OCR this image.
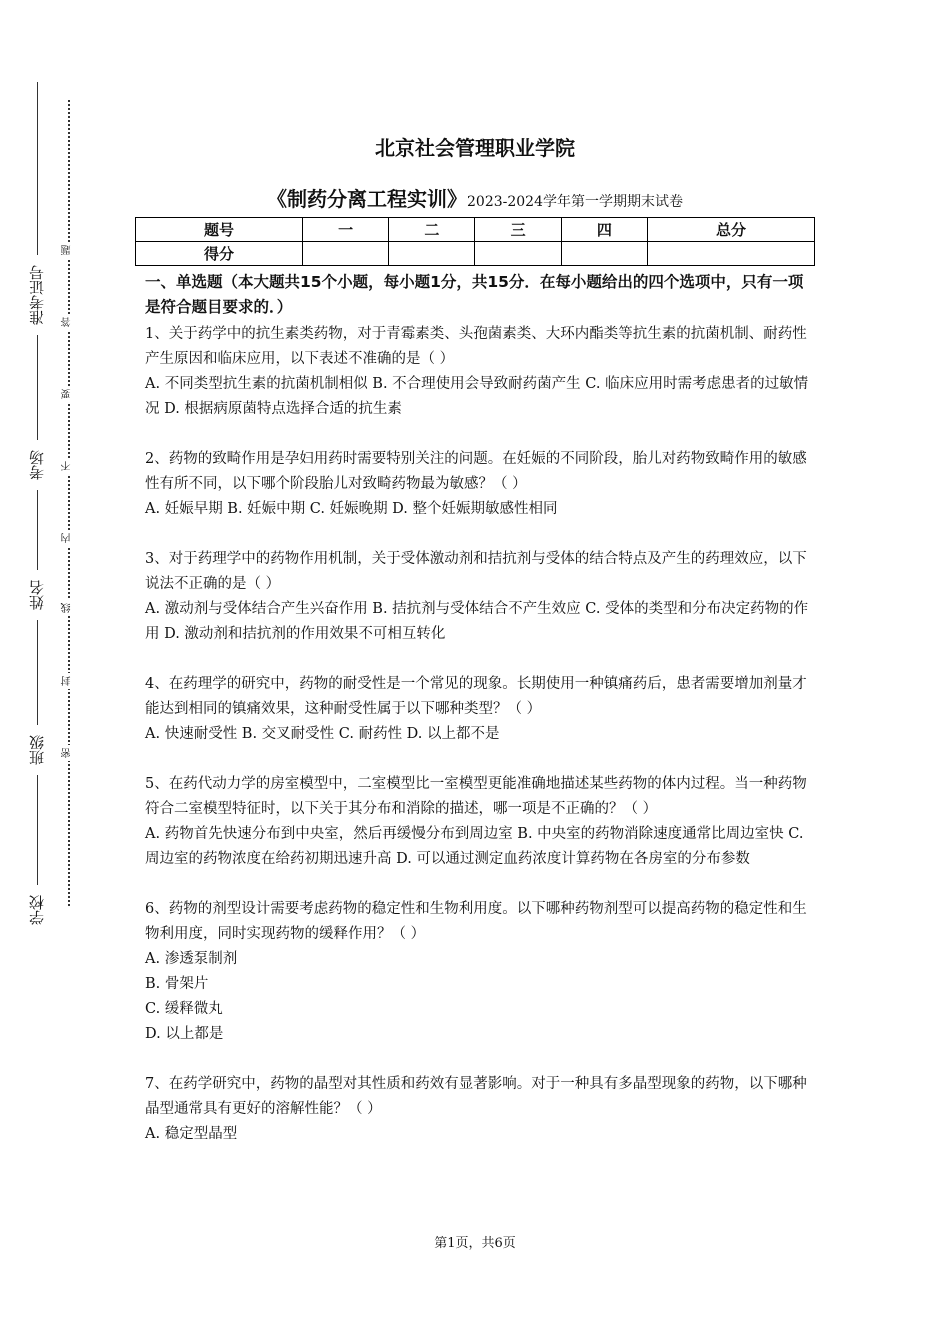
准考证号
考场
姓名
班级
学校
题
答
要
不
内
线
封
密
北京社会管理职业学院
《制药分离工程实训》2023-2024学年第一学期期末试卷
题号	一	二	三	四	总分
得分					
一、单选题（本大题共15个小题，每小题1分，共15分．在每小题给出的四个选项中，只有一项是符合题目要求的．）
1、关于药学中的抗生素类药物，对于青霉素类、头孢菌素类、大环内酯类等抗生素的抗菌机制、耐药性产生原因和临床应用，以下表述不准确的是（ ）
A. 不同类型抗生素的抗菌机制相似 B. 不合理使用会导致耐药菌产生 C. 临床应用时需考虑患者的过敏情况 D. 根据病原菌特点选择合适的抗生素
2、药物的致畸作用是孕妇用药时需要特别关注的问题。在妊娠的不同阶段，胎儿对药物致畸作用的敏感性有所不同，以下哪个阶段胎儿对致畸药物最为敏感？（ ）
A. 妊娠早期 B. 妊娠中期 C. 妊娠晚期 D. 整个妊娠期敏感性相同
3、对于药理学中的药物作用机制，关于受体激动剂和拮抗剂与受体的结合特点及产生的药理效应，以下说法不正确的是（ ）
A. 激动剂与受体结合产生兴奋作用 B. 拮抗剂与受体结合不产生效应 C. 受体的类型和分布决定药物的作用 D. 激动剂和拮抗剂的作用效果不可相互转化
4、在药理学的研究中，药物的耐受性是一个常见的现象。长期使用一种镇痛药后，患者需要增加剂量才能达到相同的镇痛效果，这种耐受性属于以下哪种类型？（ ）
A. 快速耐受性 B. 交叉耐受性 C. 耐药性 D. 以上都不是
5、在药代动力学的房室模型中，二室模型比一室模型更能准确地描述某些药物的体内过程。当一种药物符合二室模型特征时，以下关于其分布和消除的描述，哪一项是不正确的？（ ）
A. 药物首先快速分布到中央室，然后再缓慢分布到周边室 B. 中央室的药物消除速度通常比周边室快 C. 周边室的药物浓度在给药初期迅速升高 D. 可以通过测定血药浓度计算药物在各房室的分布参数
6、药物的剂型设计需要考虑药物的稳定性和生物利用度。以下哪种药物剂型可以提高药物的稳定性和生物利用度，同时实现药物的缓释作用？（ ）
A. 渗透泵制剂
B. 骨架片
C. 缓释微丸
D. 以上都是
7、在药学研究中，药物的晶型对其性质和药效有显著影响。对于一种具有多晶型现象的药物，以下哪种晶型通常具有更好的溶解性能？（ ）
A. 稳定型晶型
第1页，共6页
